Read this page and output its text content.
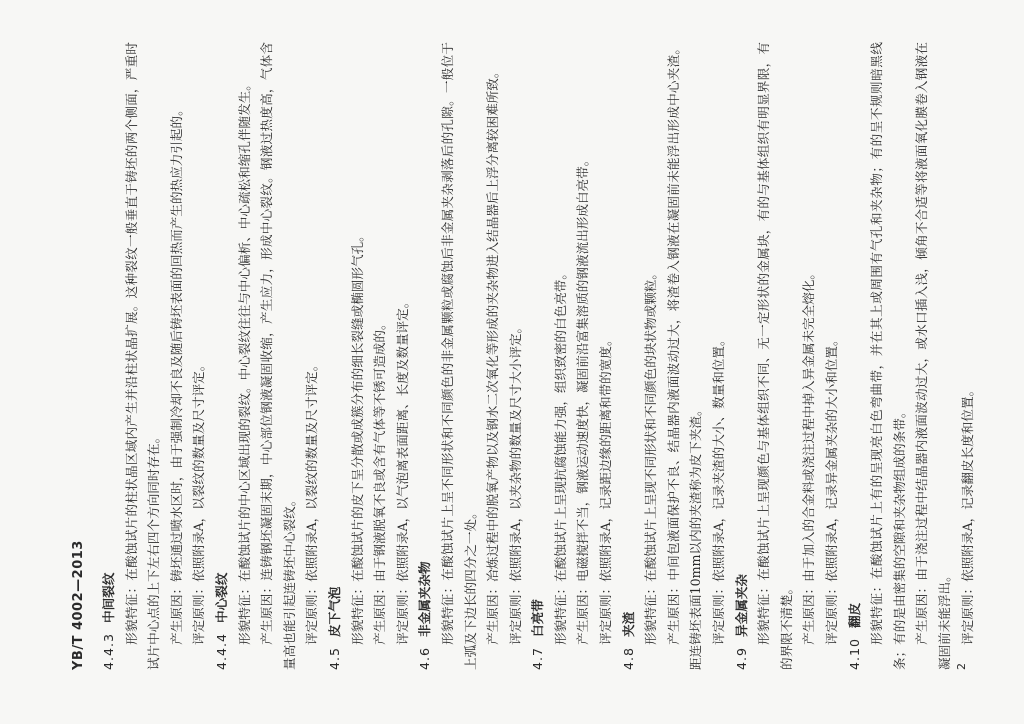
YB/T 4002—2013	4.4.3中间裂纹 形貌特征：在酸蚀试片的柱状晶区域内产生并沿柱状晶扩展。这种裂纹一般垂直于铸坯的两个侧面，严重时试片中心点的上下左右四个方向同时存在。 产生原因：铸坯通过喷水区时，由于强制冷却不良及随后铸坯表面的回热而产生的热应力引起的。 评定原则：依照附录A，以裂纹的数量及尺寸评定。
4.4.4中心裂纹 形貌特征：在酸蚀试片的中心区域出现的裂纹。中心裂纹往往与中心偏析、中心疏松和缩孔伴随发生。 产生原因：连铸钢坯凝固末期，中心部位钢液凝固收缩，产生应力，形成中心裂纹。钢液过热度高，气体含量高也能引起连铸坯中心裂纹。 评定原则：依照附录A，以裂纹的数量及尺寸评定。
4.5皮下气泡 形貌特征：在酸蚀试片的皮下呈分散或成簇分布的细长裂缝或椭圆形气孔。 产生原因：由于钢液脱氧不良或含有气体等不锈可造成的。 评定原则：依照附录A，以气泡离表面距离、长度及数量评定。
4.6非金属夹杂物 形貌特征：在酸蚀试片上呈不同形状和不同颜色的非金属颗粒或腐蚀后非金属夹杂剥落后的孔隙。一般位于上弧及下边长的四分之一处。 产生原因：冶炼过程中的脱氧产物以及钢水二次氧化等形成的夹杂物进入结晶器后上浮分离较困难所致。 评定原则：依照附录A，以夹杂物的数量及尺寸大小评定。
4.7白亮带 形貌特征：在酸蚀试片上呈现抗腐蚀能力强，组织致密的白色亮带。 产生原因：电磁搅拌不当，钢液运动速度快，凝固前沿富集溶质的钢液流出形成白亮带。 评定原则：依照附录A，记录距边缘的距离和带的宽度。
4.8夹渣 形貌特征：在酸蚀试片上呈现不同形状和不同颜色的块状物或颗粒。 产生原因：中间包液面保护不良、结晶器内液面波动过大，将渣卷入钢液在凝固前未能浮出形成中心夹渣。距连铸坯表面10mm以内的夹渣称为皮下夹渣。 评定原则：依照附录A，记录夹渣的大小、数量和位置。
4.9异金属夹杂 形貌特征：在酸蚀试片上呈现颜色与基体组织不同、无一定形状的金属块，有的与基体组织有明显界限，有的界限不清楚。 产生原因：由于加入的合金料或浇注过程中掉入异金属未完全熔化。 评定原则：依照附录A，记录异金属夹杂的大小和位置。
4.10翻皮 形貌特征：在酸蚀试片上有的呈现亮白色弯曲带，并在其上或周围有气孔和夹杂物；有的呈不规则暗黑线条；有的是由密集的空隙和夹杂物组成的条带。 产生原因：由于浇注过程中结晶器内液面波动过大，或水口插入浅，倾角不合适等将液面氧化膜卷入钢液在凝固前未能浮出。 评定原则：依照附录A，记录翻皮长度和位置。
2
